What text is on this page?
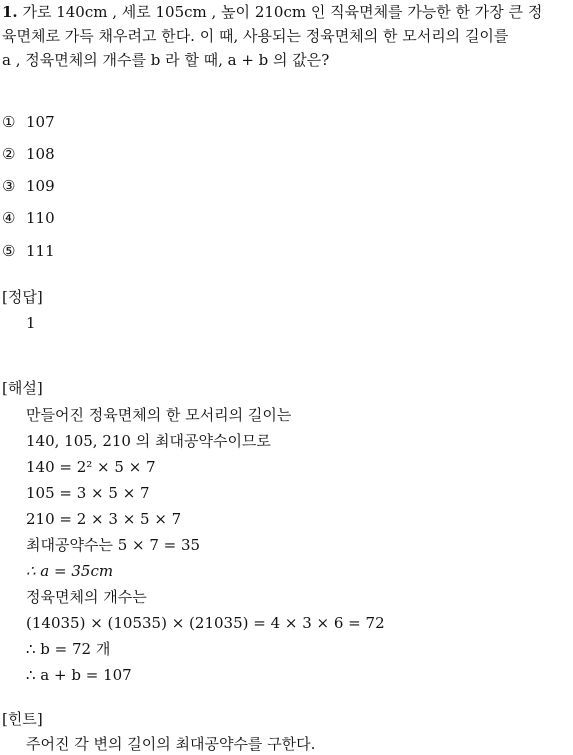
1. 가로 140cm , 세로 105cm , 높이 210cm 인 직육면체를 가능한 한 가장 큰 정
육면체로 가득 채우려고 한다. 이 때, 사용되는 정육면체의 한 모서리의 길이를
a , 정육면체의 개수를 b 라 할 때, a + b 의 값은?
① 107
② 108
③ 109
④ 110
⑤ 111
[정답]
1
[해설]
만들어진 정육면체의 한 모서리의 길이는
140, 105, 210 의 최대공약수이므로
140 = 2² × 5 × 7
105 = 3 × 5 × 7
210 = 2 × 3 × 5 × 7
최대공약수는 5 × 7 = 35
∴ a = 35cm
정육면체의 개수는
(14035) × (10535) × (21035) = 4 × 3 × 6 = 72
∴ b = 72 개
∴ a + b = 107
[힌트]
주어진 각 변의 길이의 최대공약수를 구한다.
